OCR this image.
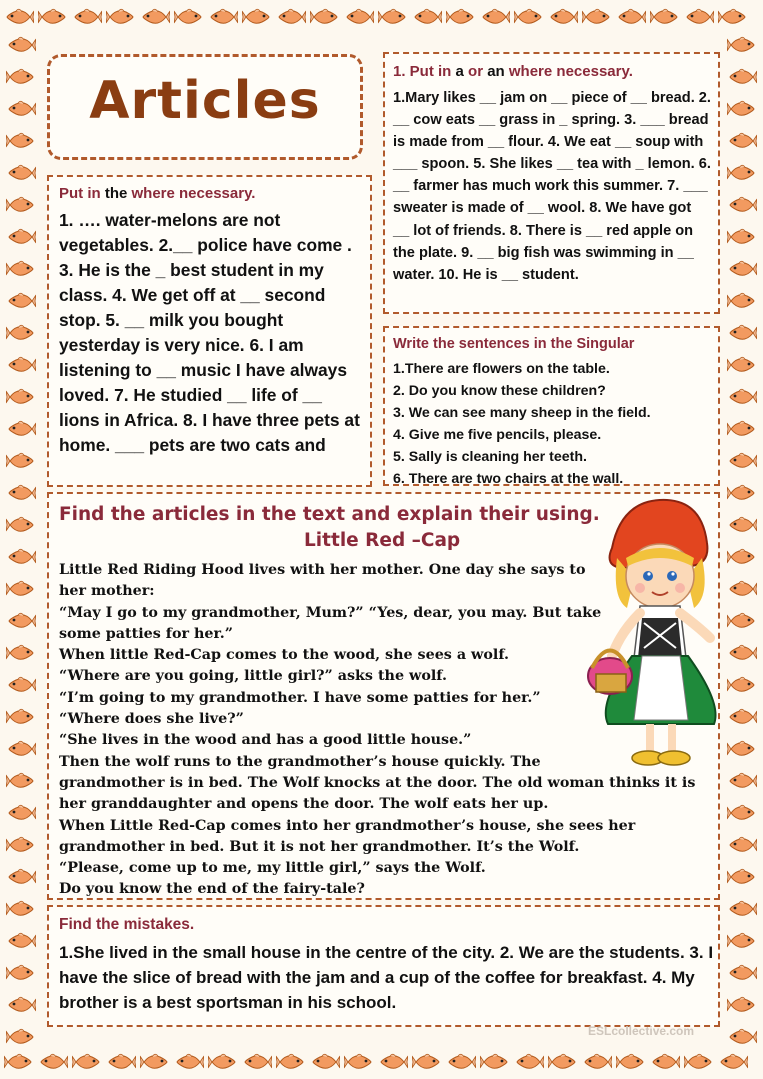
Articles	1. Put in a or an where necessary.
1.Mary likes __ jam on __ piece of __ bread. 2. __ cow eats __ grass in _ spring. 3. ___ bread is made from __ flour. 4. We eat __ soup with ___ spoon. 5. She likes __ tea with _ lemon. 6. __ farmer has much work this summer. 7. ___ sweater is made of __ wool. 8. We have got __ lot of friends. 8. There is __ red apple on the plate. 9. __ big fish was swimming in __ water. 10. He is __ student.
Put in the where necessary.
1. …. water-melons are not vegetables. 2.__ police have come . 3. He is the _ best student in my class. 4. We get off at __ second stop. 5. __ milk you bought yesterday is very nice. 6. I am listening to __ music I have always loved. 7. He studied __ life of __ lions in Africa. 8. I have three pets at home. ___ pets are two cats and
Write the sentences in the Singular
1.There are flowers on the table.
2. Do you know these children?
3. We can see many sheep in the field.
4. Give me five pencils, please.
5. Sally is cleaning her teeth.
6. There are two chairs at the wall.
Find the articles in the text and explain their using.
Little Red –Cap
Little Red Riding Hood lives with her mother. One day she says to
her mother:
“May I go to my grandmother, Mum?” “Yes, dear, you may. But take
some patties for her.”
When little Red-Cap comes to the wood, she sees a wolf.
“Where are you going, little girl?” asks the wolf.
“I’m going to my grandmother. I have some patties for her.”
“Where does she live?”
“She lives in the wood and has a good little house.”
Then the wolf runs to the grandmother’s house quickly. The
grandmother is in bed. The Wolf knocks at the door. The old woman thinks it is
her granddaughter and opens the door. The wolf eats her up.
When Little Red-Cap comes into her grandmother’s house, she sees her
grandmother in bed. But it is not her grandmother. It’s the Wolf.
“Please, come up to me, my little girl,” says the Wolf.
Do you know the end of the fairy-tale?
Find the mistakes.
1.She lived in the small house in the centre of the city. 2. We are the students. 3. I have the slice of bread with the jam and a cup of the coffee for breakfast. 4. My brother is a best sportsman in his school.
ESLcollective.com
